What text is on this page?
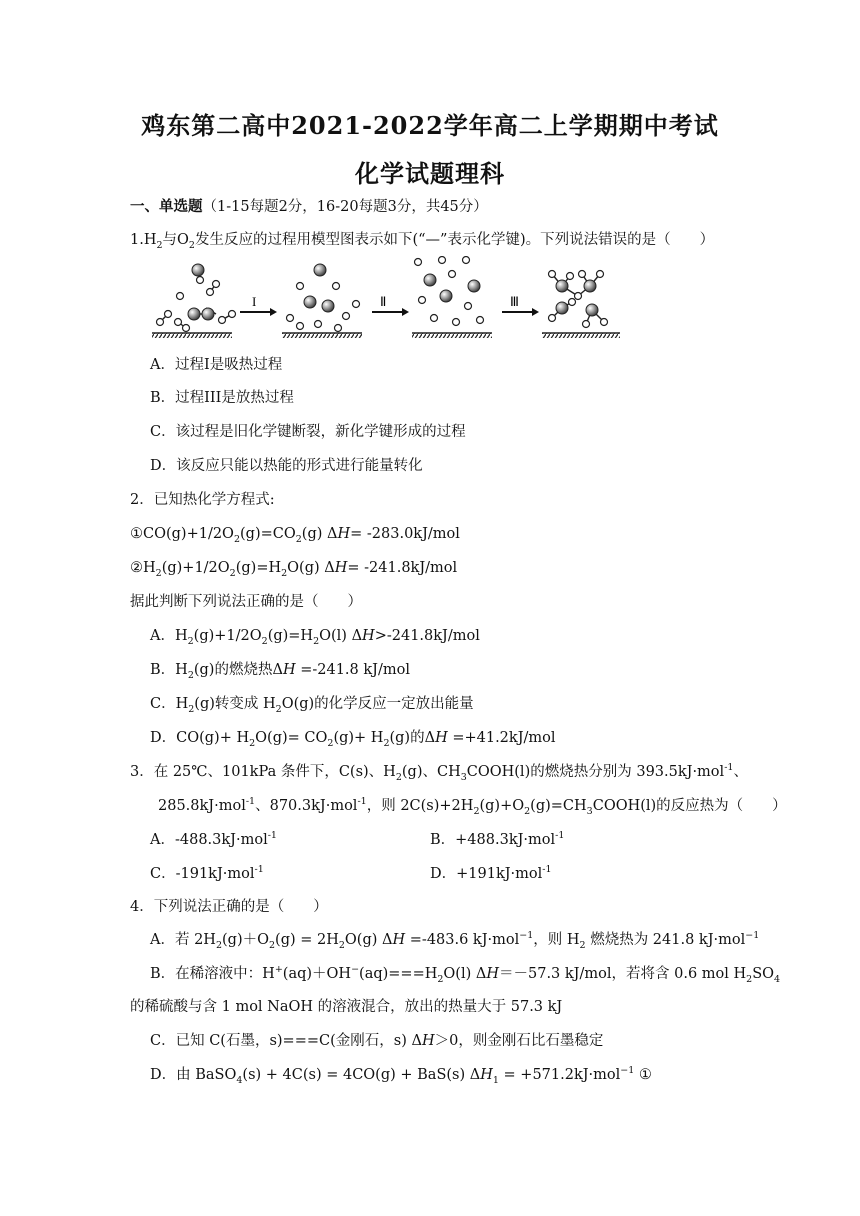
鸡东第二高中2021-2022学年高二上学期期中考试
化学试题理科
一、单选题（1-15每题2分，16-20每题3分，共45分）
$1.H_2$与$O_2$发生反应的过程用模型图表示如下(“—”表示化学键)。下列说法错误的是（　　）
I	Ⅱ	Ⅲ
A．过程I是吸热过程
B．过程III是放热过程
C．该过程是旧化学键断裂，新化学键形成的过程
D．该反应只能以热能的形式进行能量转化
2．已知热化学方程式:
$①CO(g)+1/2O_2(g)=CO_2(g)$ ΔH= -283.0kJ/mol
$②H_2(g)+1/2O_2(g)=H_2O(g)$ ΔH= -241.8kJ/mol
据此判断下列说法正确的是（　　）
A．$H_2(g)+1/2O_2(g)=H_2O(l)$ ΔH>-241.8kJ/mol
B．$H_2(g)$的燃烧热ΔH =-241.8 kJ/mol
C．$H_2(g)$转变成 $H_2O(g)$的化学反应一定放出能量
D．$CO(g)+ H_2O(g)= CO_2(g)+ H_2(g)$的ΔH =+41.2kJ/mol
3．在 25℃、101kPa 条件下，C(s)、$H_2(g)$、$CH_3COOH(l)$的燃烧热分别为 393.5kJ·mol$^{-1}$、
285.8kJ·mol$^{-1}$、870.3kJ·mol$^{-1}$，则 $2C(s)+2H_2(g)+O_2(g)=CH_3COOH(l)$的反应热为（　　）
A．-488.3kJ·mol$^{-1}$	B．+488.3kJ·mol$^{-1}$
C．-191kJ·mol$^{-1}$	D．+191kJ·mol$^{-1}$
4．下列说法正确的是（　　）
A．若 $2H_2(g)+O_2(g) = 2H_2O(g)$ ΔH =-483.6 kJ·mol$^{-1}$，则 $H_2$ 燃烧热为 241.8 kJ·mol$^{-1}$
B．在稀溶液中：$H^+(aq)+OH^-(aq)===H_2O(l)$ ΔH＝－57.3 kJ/mol，若将含 0.6 mol $H_2SO_4$
的稀硫酸与含 1 mol NaOH 的溶液混合，放出的热量大于 57.3 kJ
C．已知 C(石墨，s)===C(金刚石，s) ΔH＞0，则金刚石比石墨稳定
D．由 BaSO$_4$(s) + 4C(s) = 4CO(g) + BaS(s) $\Delta H_1 = +571.2kJ\cdot mol^{-1}$ ①
